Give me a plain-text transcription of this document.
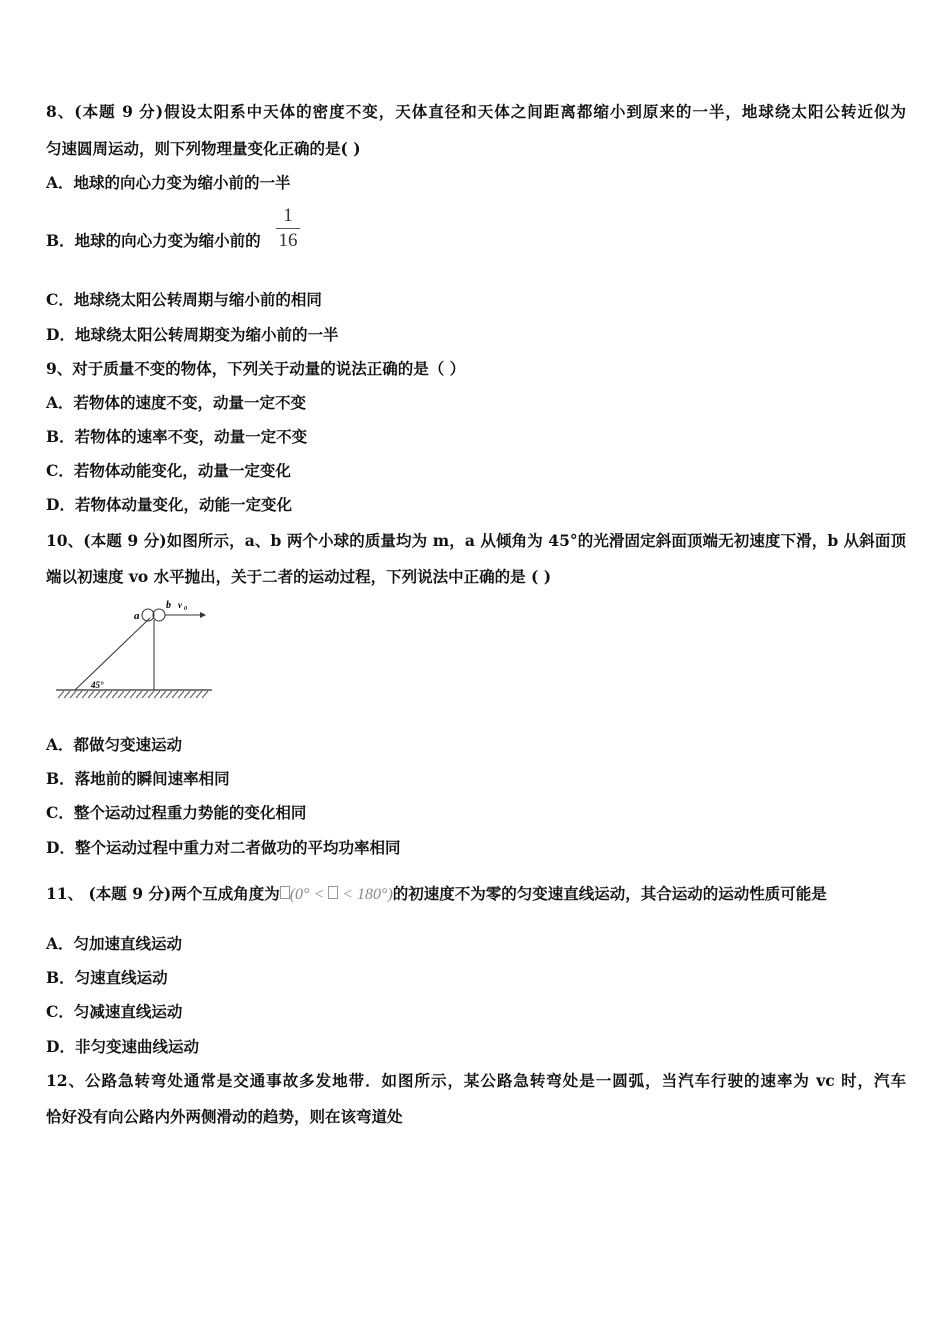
8、(本题 9 分)假设太阳系中天体的密度不变，天体直径和天体之间距离都缩小到原来的一半，地球绕太阳公转近似为
匀速圆周运动，则下列物理量变化正确的是( )
A．地球的向心力变为缩小前的一半
B．地球的向心力变为缩小前的
1
16
C．地球绕太阳公转周期与缩小前的相同
D．地球绕太阳公转周期变为缩小前的一半
9、对于质量不变的物体，下列关于动量的说法正确的是（ ）
A．若物体的速度不变，动量一定不变
B．若物体的速率不变，动量一定不变
C．若物体动能变化，动量一定变化
D．若物体动量变化，动能一定变化
10、(本题 9 分)如图所示，a、b 两个小球的质量均为 m，a 从倾角为 45°的光滑固定斜面顶端无初速度下滑，b 从斜面顶
端以初速度 vo 水平抛出，关于二者的运动过程，下列说法中正确的是 ( )
a
b v 0
45°
A．都做匀变速运动
B．落地前的瞬间速率相同
C．整个运动过程重力势能的变化相同
D．整个运动过程中重力对二者做功的平均功率相同
11、 (本题 9 分)两个互成角度为 (0° <  < 180°)的初速度不为零的匀变速直线运动，其合运动的运动性质可能是
A．匀加速直线运动
B．匀速直线运动
C．匀减速直线运动
D．非匀变速曲线运动
12、公路急转弯处通常是交通事故多发地带．如图所示，某公路急转弯处是一圆弧，当汽车行驶的速率为 vc 时，汽车
恰好没有向公路内外两侧滑动的趋势，则在该弯道处
